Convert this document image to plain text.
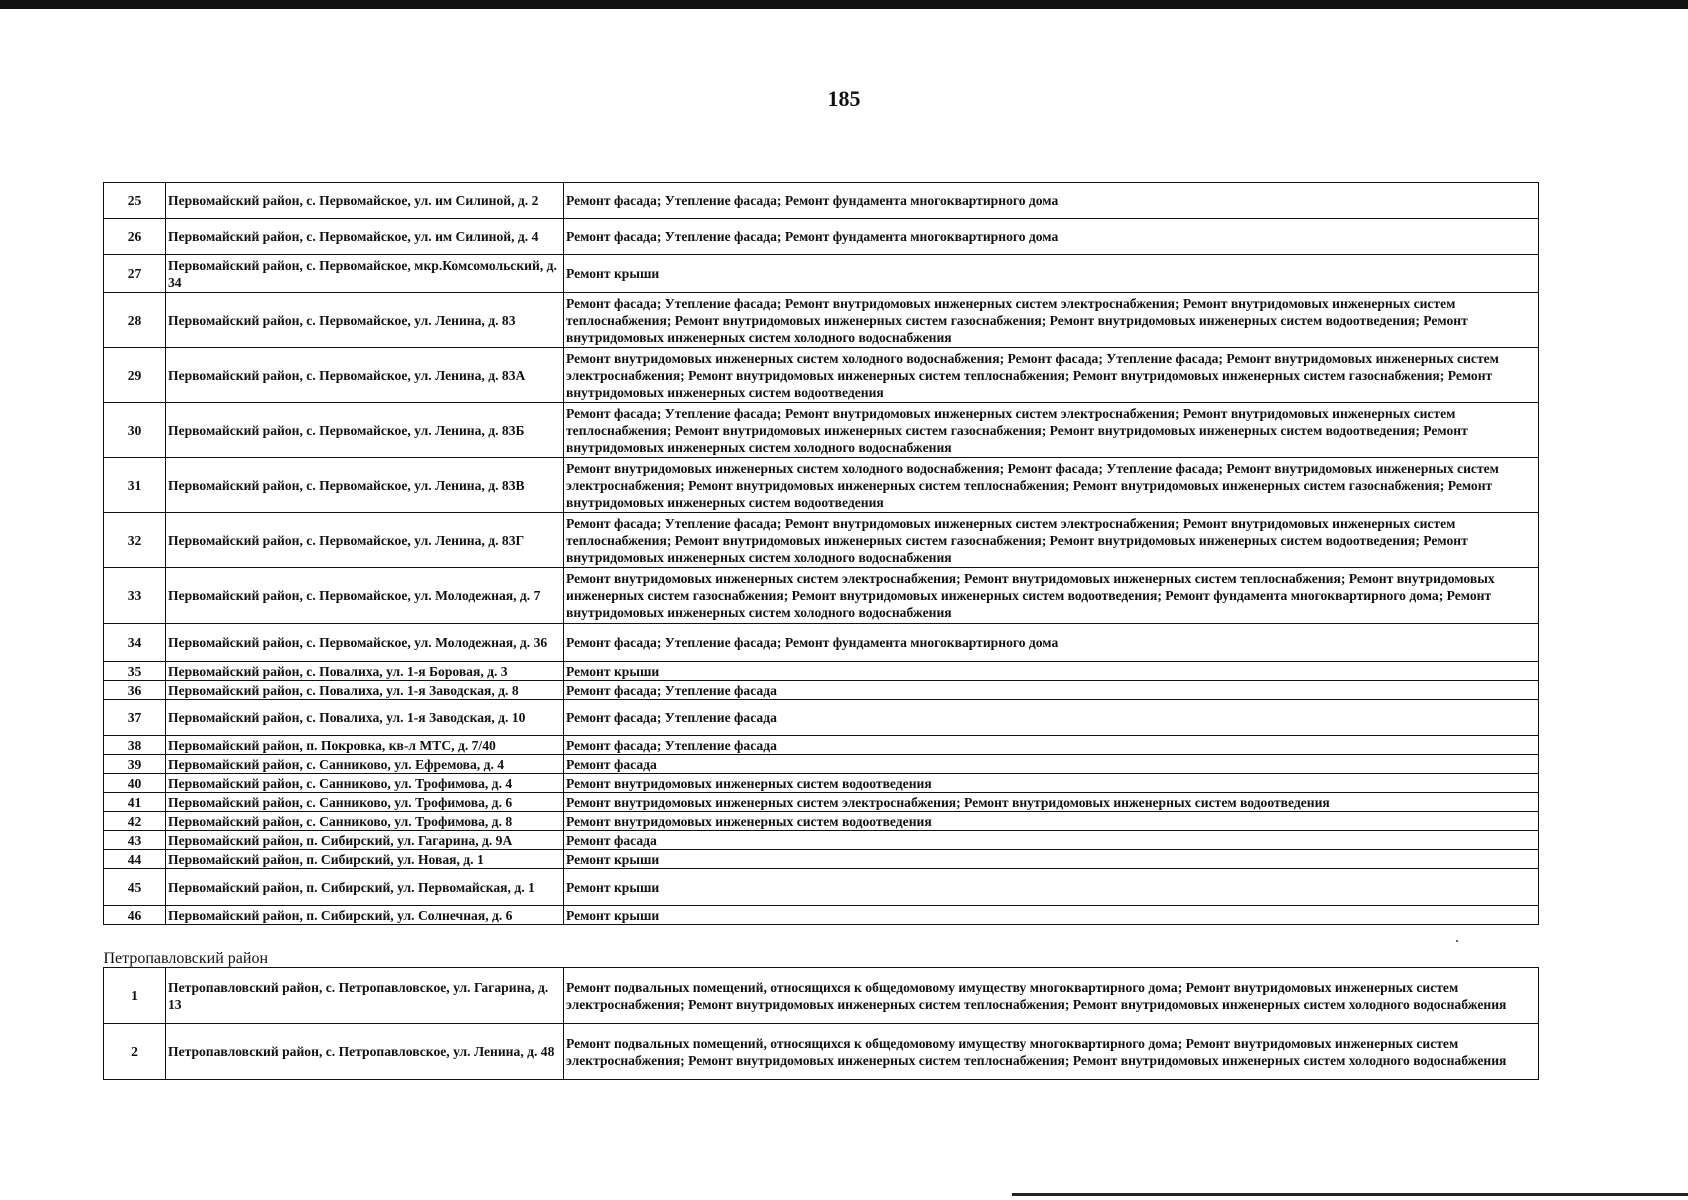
185
25	Первомайский район, с. Первомайское, ул. им Силиной, д. 2	Ремонт фасада; Утепление фасада; Ремонт фундамента многоквартирного дома
26	Первомайский район, с. Первомайское, ул. им Силиной, д. 4	Ремонт фасада; Утепление фасада; Ремонт фундамента многоквартирного дома
27	Первомайский район, с. Первомайское, мкр.Комсомольский, д. 34	Ремонт крыши
28	Первомайский район, с. Первомайское, ул. Ленина, д. 83	Ремонт фасада; Утепление фасада; Ремонт внутридомовых инженерных систем электроснабжения; Ремонт внутридомовых инженерных систем теплоснабжения; Ремонт внутридомовых инженерных систем газоснабжения; Ремонт внутридомовых инженерных систем водоотведения; Ремонт внутридомовых инженерных систем холодного водоснабжения
29	Первомайский район, с. Первомайское, ул. Ленина, д. 83А	Ремонт внутридомовых инженерных систем холодного водоснабжения; Ремонт фасада; Утепление фасада; Ремонт внутридомовых инженерных систем электроснабжения; Ремонт внутридомовых инженерных систем теплоснабжения; Ремонт внутридомовых инженерных систем газоснабжения; Ремонт внутридомовых инженерных систем водоотведения
30	Первомайский район, с. Первомайское, ул. Ленина, д. 83Б	Ремонт фасада; Утепление фасада; Ремонт внутридомовых инженерных систем электроснабжения; Ремонт внутридомовых инженерных систем теплоснабжения; Ремонт внутридомовых инженерных систем газоснабжения; Ремонт внутридомовых инженерных систем водоотведения; Ремонт внутридомовых инженерных систем холодного водоснабжения
31	Первомайский район, с. Первомайское, ул. Ленина, д. 83В	Ремонт внутридомовых инженерных систем холодного водоснабжения; Ремонт фасада; Утепление фасада; Ремонт внутридомовых инженерных систем электроснабжения; Ремонт внутридомовых инженерных систем теплоснабжения; Ремонт внутридомовых инженерных систем газоснабжения; Ремонт внутридомовых инженерных систем водоотведения
32	Первомайский район, с. Первомайское, ул. Ленина, д. 83Г	Ремонт фасада; Утепление фасада; Ремонт внутридомовых инженерных систем электроснабжения; Ремонт внутридомовых инженерных систем теплоснабжения; Ремонт внутридомовых инженерных систем газоснабжения; Ремонт внутридомовых инженерных систем водоотведения; Ремонт внутридомовых инженерных систем холодного водоснабжения
33	Первомайский район, с. Первомайское, ул. Молодежная, д. 7	Ремонт внутридомовых инженерных систем электроснабжения; Ремонт внутридомовых инженерных систем теплоснабжения; Ремонт внутридомовых инженерных систем газоснабжения; Ремонт внутридомовых инженерных систем водоотведения; Ремонт фундамента многоквартирного дома; Ремонт внутридомовых инженерных систем холодного водоснабжения
34	Первомайский район, с. Первомайское, ул. Молодежная, д. 36	Ремонт фасада; Утепление фасада; Ремонт фундамента многоквартирного дома
35	Первомайский район, с. Повалиха, ул. 1-я Боровая, д. 3	Ремонт крыши
36	Первомайский район, с. Повалиха, ул. 1-я Заводская, д. 8	Ремонт фасада; Утепление фасада
37	Первомайский район, с. Повалиха, ул. 1-я Заводская, д. 10	Ремонт фасада; Утепление фасада
38	Первомайский район, п. Покровка, кв-л МТС, д. 7/40	Ремонт фасада; Утепление фасада
39	Первомайский район, с. Санниково, ул. Ефремова, д. 4	Ремонт фасада
40	Первомайский район, с. Санниково, ул. Трофимова, д. 4	Ремонт внутридомовых инженерных систем водоотведения
41	Первомайский район, с. Санниково, ул. Трофимова, д. 6	Ремонт внутридомовых инженерных систем электроснабжения; Ремонт внутридомовых инженерных систем водоотведения
42	Первомайский район, с. Санниково, ул. Трофимова, д. 8	Ремонт внутридомовых инженерных систем водоотведения
43	Первомайский район, п. Сибирский, ул. Гагарина, д. 9А	Ремонт фасада
44	Первомайский район, п. Сибирский, ул. Новая, д. 1	Ремонт крыши
45	Первомайский район, п. Сибирский, ул. Первомайская, д. 1	Ремонт крыши
46	Первомайский район, п. Сибирский, ул. Солнечная, д. 6	Ремонт крыши
Петропавловский район		
1	Петропавловский район, с. Петропавловское, ул. Гагарина, д. 13	Ремонт подвальных помещений, относящихся к общедомовому имуществу многоквартирного дома; Ремонт внутридомовых инженерных систем электроснабжения; Ремонт внутридомовых инженерных систем теплоснабжения; Ремонт внутридомовых инженерных систем холодного водоснабжения
2	Петропавловский район, с. Петропавловское, ул. Ленина, д. 48	Ремонт подвальных помещений, относящихся к общедомовому имуществу многоквартирного дома; Ремонт внутридомовых инженерных систем электроснабжения; Ремонт внутридомовых инженерных систем теплоснабжения; Ремонт внутридомовых инженерных систем холодного водоснабжения
